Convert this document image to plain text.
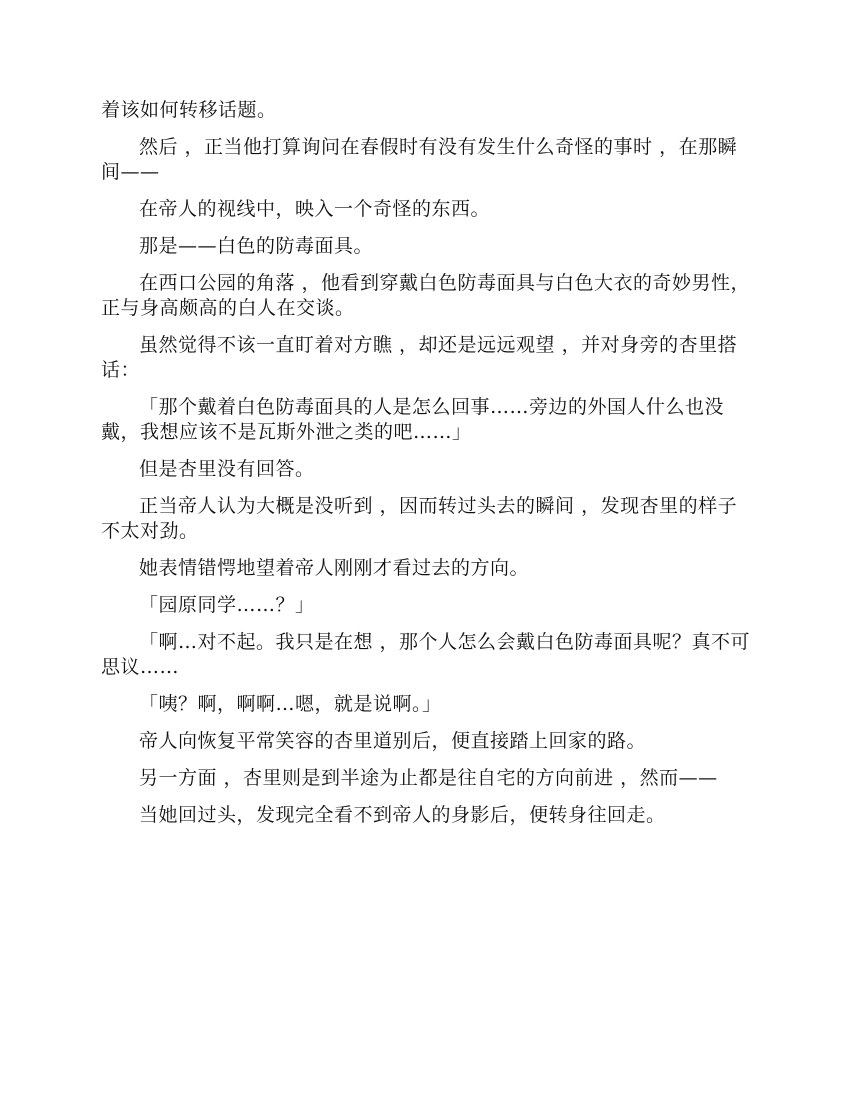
着该如何转移话题。

然后 ，正当他打算询问在春假时有没有发生什么奇怪的事时 ，在那瞬间——

在帝人的视线中，映入一个奇怪的东西。

那是——白色的防毒面具。

在西口公园的角落 ，他看到穿戴白色防毒面具与白色大衣的奇妙男性，正与身高颇高的白人在交谈。

虽然觉得不该一直盯着对方瞧 ，却还是远远观望 ，并对身旁的杏里搭话：

「那个戴着白色防毒面具的人是怎么回事……旁边的外国人什么也没戴，我想应该不是瓦斯外泄之类的吧……」

但是杏里没有回答。

正当帝人认为大概是没听到 ，因而转过头去的瞬间 ，发现杏里的样子不太对劲。

她表情错愕地望着帝人刚刚才看过去的方向。

「园原同学……？」

「啊…对不起。我只是在想 ，那个人怎么会戴白色防毒面具呢？真不可思议……

「咦？啊，啊啊…嗯，就是说啊。」

帝人向恢复平常笑容的杏里道别后，便直接踏上回家的路。

另一方面 ，杏里则是到半途为止都是往自宅的方向前进 ，然而——

当她回过头，发现完全看不到帝人的身影后，便转身往回走。
